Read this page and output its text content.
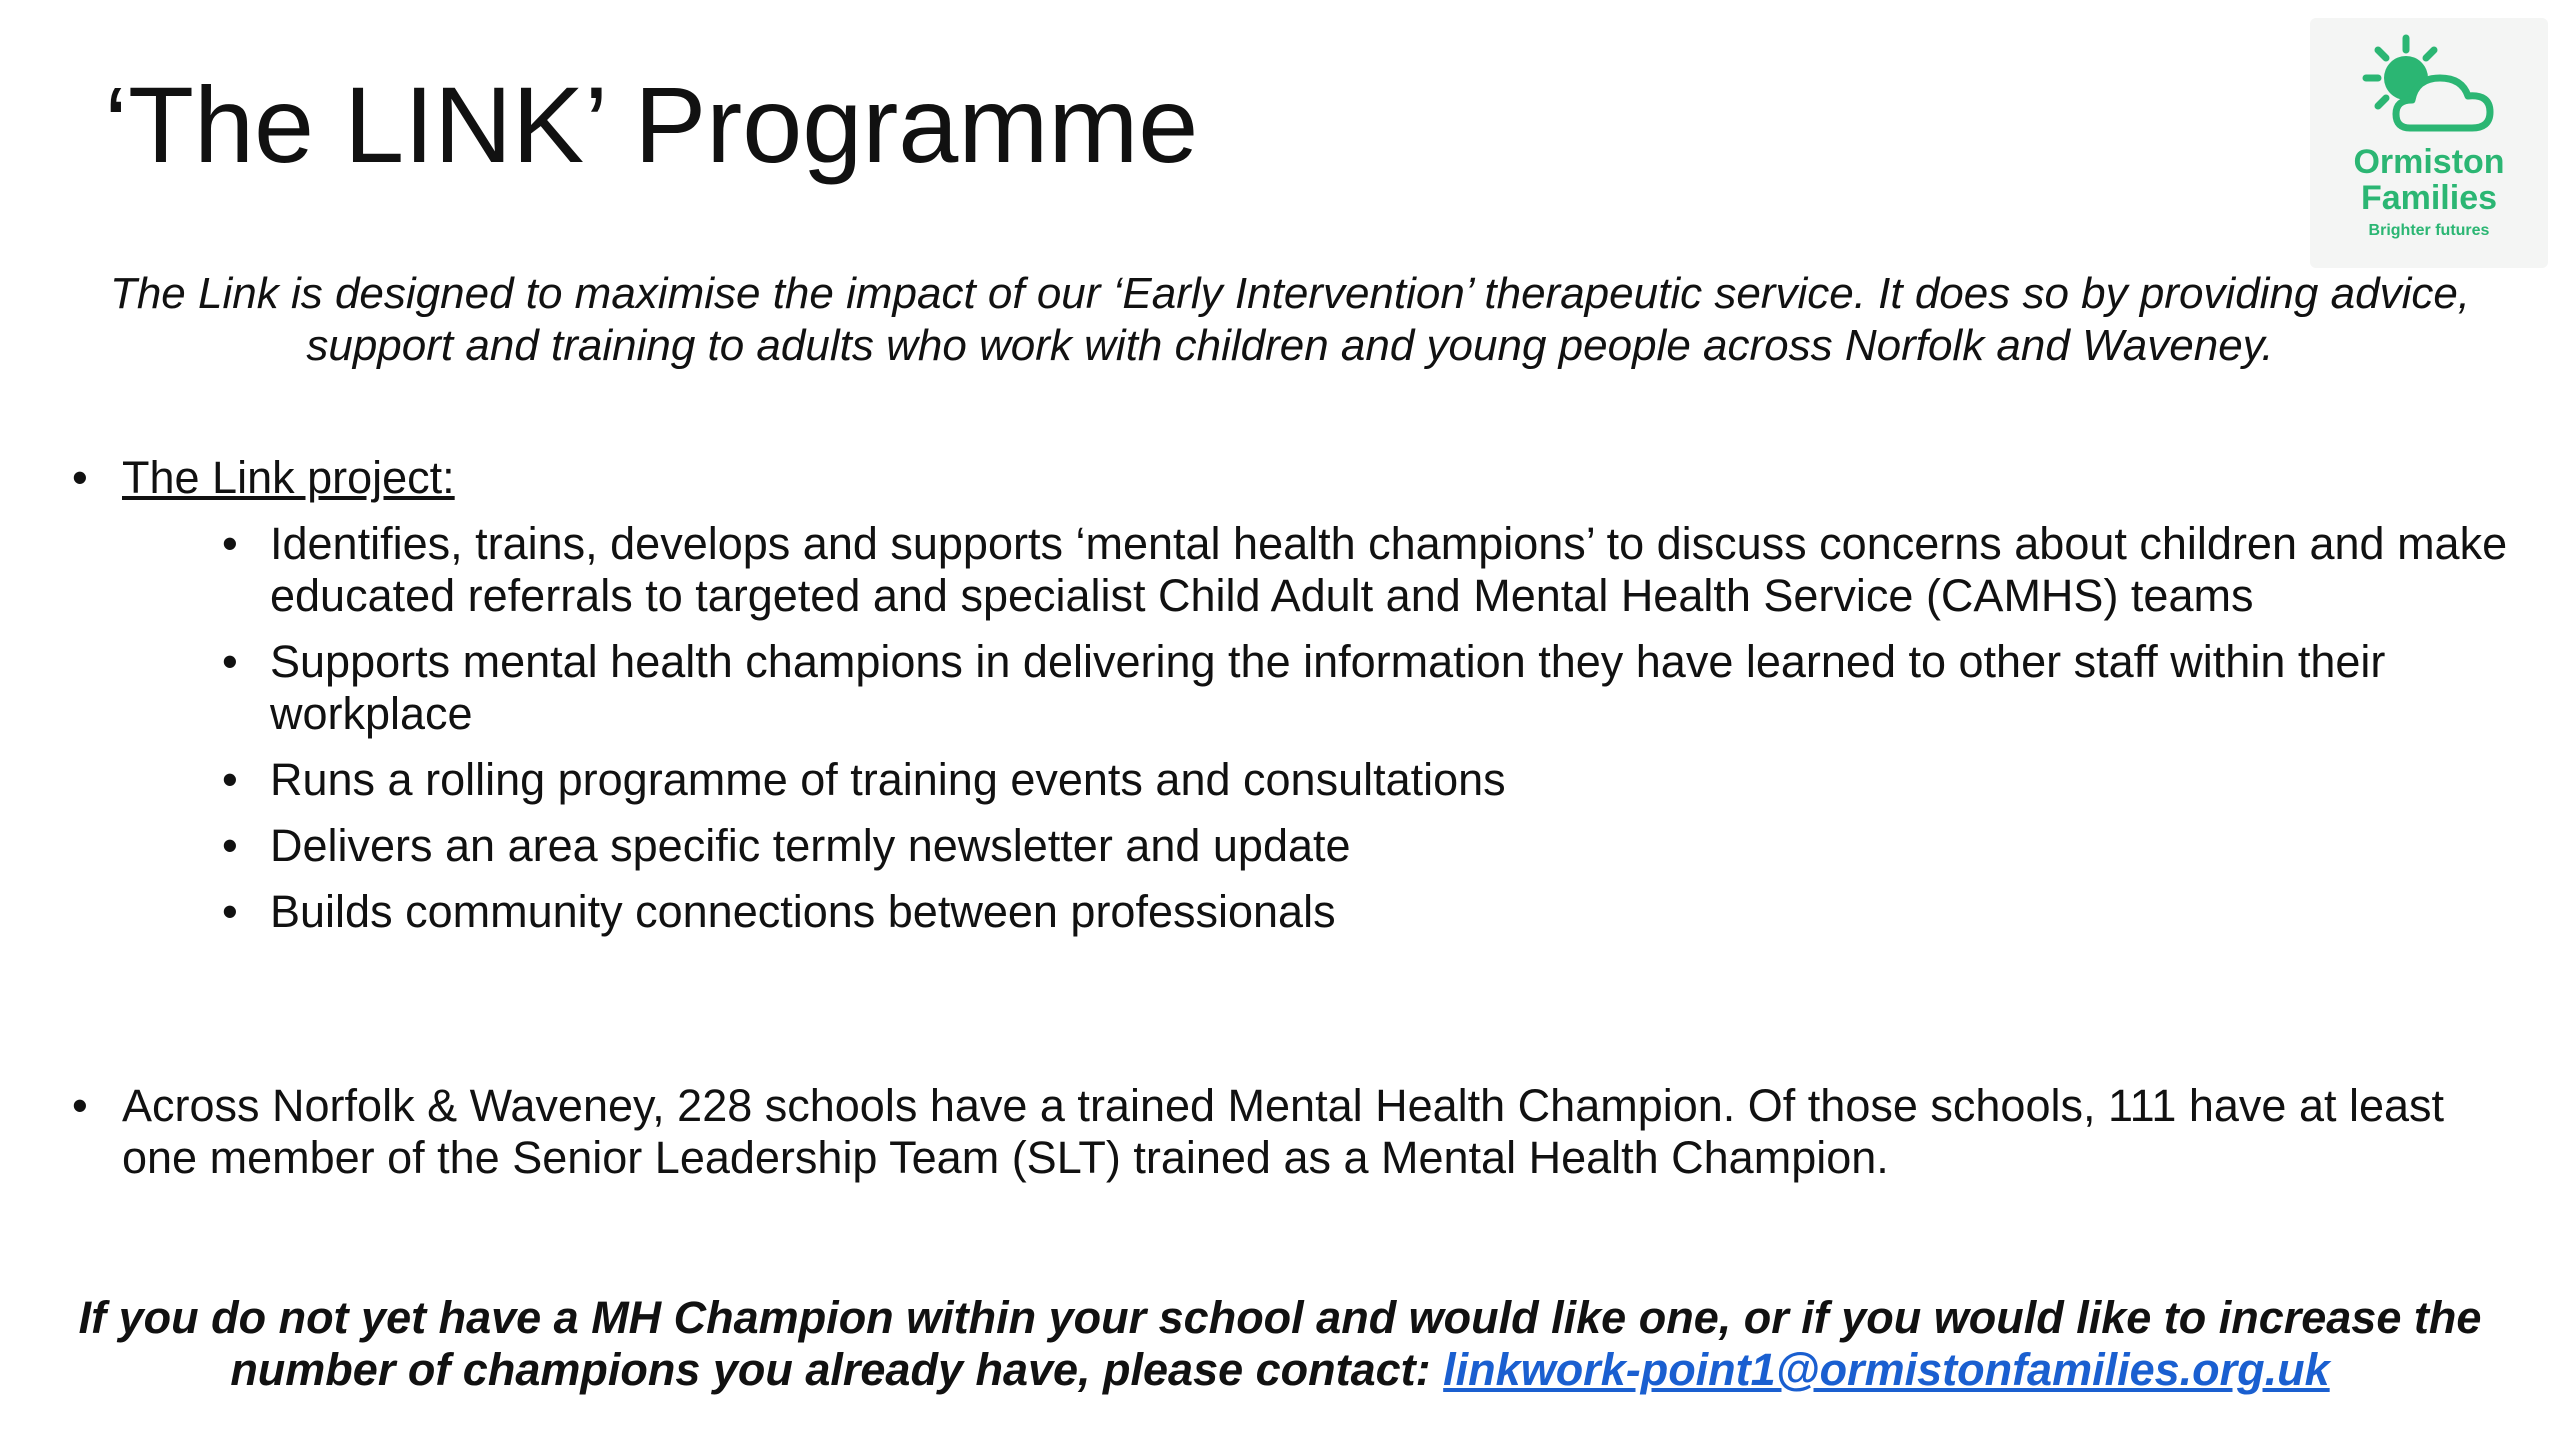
‘The LINK’ Programme	Ormiston
Families
Brighter futures
The Link is designed to maximise the impact of our ‘Early Intervention’ therapeutic service. It does so by providing advice, support and training to adults who work with children and young people across Norfolk and Waveney.
• The Link project:
• Identifies, trains, develops and supports ‘mental health champions’ to discuss concerns about children and make educated referrals to targeted and specialist Child Adult and Mental Health Service (CAMHS) teams
• Supports mental health champions in delivering the information they have learned to other staff within their workplace
• Runs a rolling programme of training events and consultations
• Delivers an area specific termly newsletter and update
• Builds community connections between professionals
• Across Norfolk & Waveney, 228 schools have a trained Mental Health Champion. Of those schools, 111 have at least one member of the Senior Leadership Team (SLT) trained as a Mental Health Champion.
If you do not yet have a MH Champion within your school and would like one, or if you would like to increase the number of champions you already have, please contact: linkwork-point1@ormistonfamilies.org.uk
